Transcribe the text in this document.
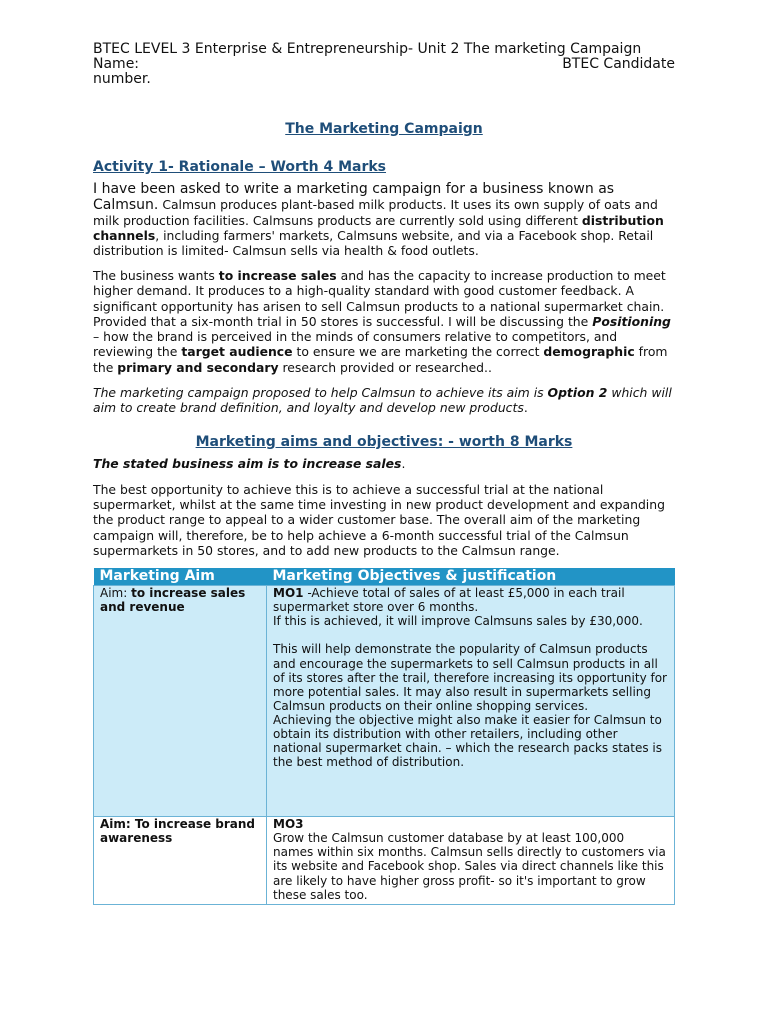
BTEC LEVEL 3 Enterprise & Entrepreneurship- Unit 2 The marketing Campaign
Name:	BTEC Candidate
number.
The Marketing Campaign
Activity 1- Rationale – Worth 4 Marks

I have been asked to write a marketing campaign for a business known as Calmsun. Calmsun produces plant-based milk products. It uses its own supply of oats and milk production facilities. Calmsuns products are currently sold using different distribution channels, including farmers' markets, Calmsuns website, and via a Facebook shop. Retail distribution is limited- Calmsun sells via health & food outlets.

The business wants to increase sales and has the capacity to increase production to meet higher demand. It produces to a high-quality standard with good customer feedback. A significant opportunity has arisen to sell Calmsun products to a national supermarket chain. Provided that a six-month trial in 50 stores is successful. I will be discussing the Positioning – how the brand is perceived in the minds of consumers relative to competitors, and reviewing the target audience to ensure we are marketing the correct demographic from the primary and secondary research provided or researched..

The marketing campaign proposed to help Calmsun to achieve its aim is Option 2 which will aim to create brand definition, and loyalty and develop new products.

Marketing aims and objectives: - worth 8 Marks

The stated business aim is to increase sales.

The best opportunity to achieve this is to achieve a successful trial at the national supermarket, whilst at the same time investing in new product development and expanding the product range to appeal to a wider customer base. The overall aim of the marketing campaign will, therefore, be to help achieve a 6-month successful trial of the Calmsun supermarkets in 50 stores, and to add new products to the Calmsun range.

Marketing Aim	Marketing Objectives & justification
Aim: to increase sales and revenue	MO1 -Achieve total of sales of at least £5,000 in each trail supermarket store over 6 months.
If this is achieved, it will improve Calmsuns sales by £30,000.
This will help demonstrate the popularity of Calmsun products and encourage the supermarkets to sell Calmsun products in all of its stores after the trail, therefore increasing its opportunity for more potential sales. It may also result in supermarkets selling Calmsun products on their online shopping services.
Achieving the objective might also make it easier for Calmsun to obtain its distribution with other retailers, including other national supermarket chain. – which the research packs states is the best method of distribution.

Aim: To increase brand awareness	MO3
Grow the Calmsun customer database by at least 100,000 names within six months. Calmsun sells directly to customers via its website and Facebook shop. Sales via direct channels like this are likely to have higher gross profit- so it's important to grow these sales too.
